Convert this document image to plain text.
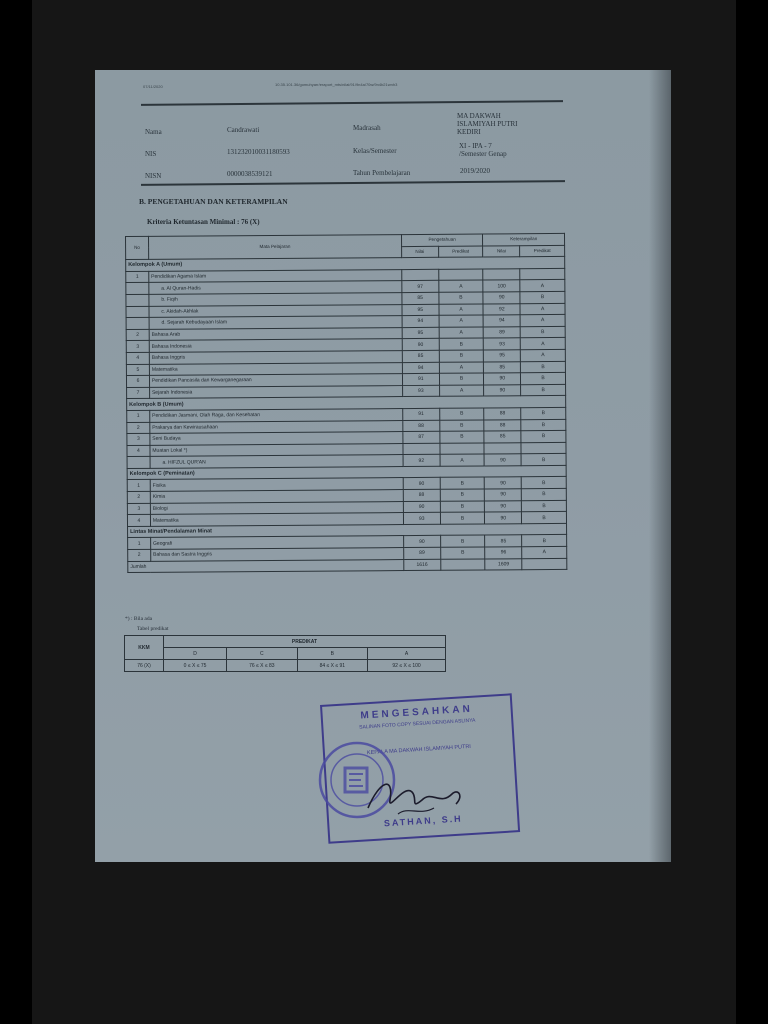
07/11/2020	10.35.101.36/gomuhyarr/eraport_mts/nilai/91/9n4a/70w/9n4b21wnh3
Nama	Candrawati	Madrasah
MA DAKWAH
ISLAMIYAH PUTRI
KEDIRI
NIS	131232010031180593	Kelas/Semester
XI - IPA - 7
/Semester Genap
NISN	0000038539121	Tahun Pembelajaran	2019/2020
B. PENGETAHUAN DAN KETERAMPILAN
Kriteria Ketuntasan Minimal : 76 (X)
No	Mata Pelajaran	Pengetahuan		Keterampilan	
		Nilai	Predikat	Nilai	Predikat
Kelompok A (Umum)					
1	Pendidikan Agama Islam				
	a. Al Quran-Hadis	97	A	100	A
	b. Fiqih	85	B	90	B
	c. Akidah-Akhlak	95	A	92	A
	d. Sejarah Kebudayaan Islam	94	A	94	A
2	Bahasa Arab	95	A	89	B
3	Bahasa Indonesia	90	B	93	A
4	Bahasa Inggris	85	B	95	A
5	Matematika	94	A	85	B
6	Pendidikan Pancasila dan Kewarganegaraan	91	B	90	B
7	Sejarah Indonesia	93	A	90	B
Kelompok B (Umum)					
1	Pendidikan Jasmani, Olah Raga, dan Kesehatan	91	B	88	B
2	Prakarya dan Kewirausahaan	88	B	88	B
3	Seni Budaya	87	B	85	B
4	Muatan Lokal *)				
	a. HIFZUL QUR'AN	92	A	90	B
Kelompok C (Peminatan)					
1	Fisika	90	B	90	B
2	Kimia	88	B	90	B
3	Biologi	90	B	90	B
4	Matematika	93	B	90	B
Lintas Minat/Pendalaman Minat					
1	Geografi	90	B	85	B
2	Bahasa dan Sastra Inggris	89	B	96	A
Jumlah		1616		1609	
*) : Bila ada
Tabel predikat
KKM	PREDIKAT			
	D	C	B	A
76 (X)	0 ≤ X ≤ 75	76 ≤ X ≤ 83	84 ≤ X ≤ 91	92 ≤ X ≤ 100
MENGESAHKAN
SALINAN FOTO COPY SESUAI DENGAN ASLINYA
KEPALA MA DAKWAH ISLAMIYAH PUTRI
SATHAN, S.H
